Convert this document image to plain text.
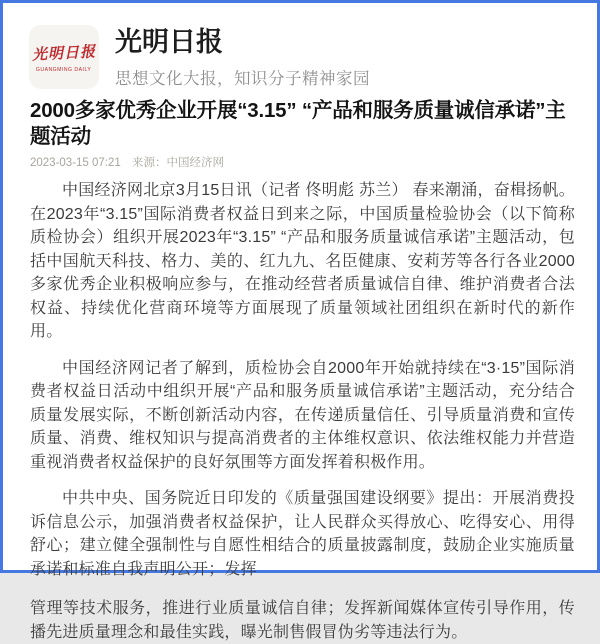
光明日报
GUANGMING DAILY
光明日报
思想文化大报，知识分子精神家园
2000多家优秀企业开展“3.15” “产品和服务质量诚信承诺”主题活动
2023-03-15 07:21 来源：中国经济网

中国经济网北京3月15日讯（记者 佟明彪 苏兰） 春来潮涌，奋楫扬帆。在2023年“3.15”国际消费者权益日到来之际，中国质量检验协会（以下简称质检协会）组织开展2023年“3.15” “产品和服务质量诚信承诺”主题活动，包括中国航天科技、格力、美的、红九九、名臣健康、安莉芳等各行各业2000多家优秀企业积极响应参与，在推动经营者质量诚信自律、维护消费者合法权益、持续优化营商环境等方面展现了质量领域社团组织在新时代的新作用。

中国经济网记者了解到，质检协会自2000年开始就持续在“3·15”国际消费者权益日活动中组织开展“产品和服务质量诚信承诺”主题活动，充分结合质量发展实际，不断创新活动内容，在传递质量信任、引导质量消费和宣传质量、消费、维权知识与提高消费者的主体维权意识、依法维权能力并营造重视消费者权益保护的良好氛围等方面发挥着积极作用。

中共中央、国务院近日印发的《质量强国建设纲要》提出：开展消费投诉信息公示，加强消费者权益保护，让人民群众买得放心、吃得安心、用得舒心；建立健全强制性与自愿性相结合的质量披露制度，鼓励企业实施质量承诺和标准自我声明公开；发挥

管理等技术服务，推进行业质量诚信自律；发挥新闻媒体宣传引导作用，传播先进质量理念和最佳实践，曝光制售假冒伪劣等违法行为。
